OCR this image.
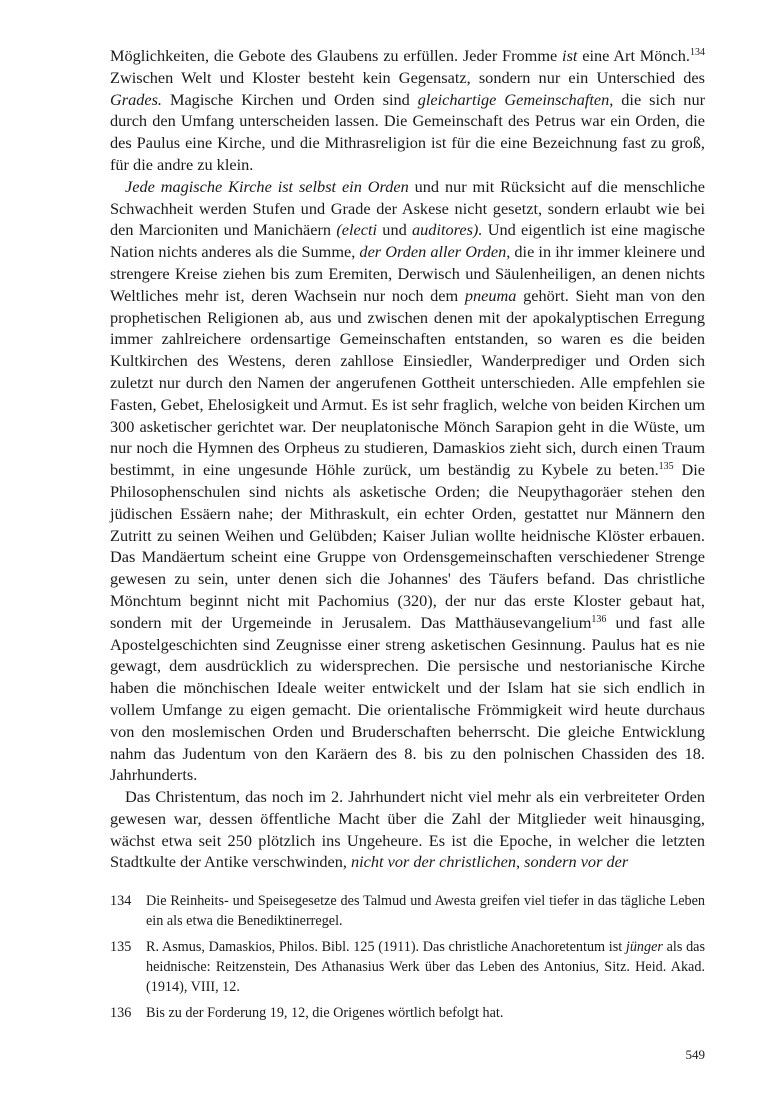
Möglichkeiten, die Gebote des Glaubens zu erfüllen. Jeder Fromme ist eine Art Mönch.$^{134}$ Zwischen Welt und Kloster besteht kein Gegensatz, sondern nur ein Unterschied des Grades. Magische Kirchen und Orden sind gleichartige Gemeinschaften, die sich nur durch den Umfang unterscheiden lassen. Die Gemeinschaft des Petrus war ein Orden, die des Paulus eine Kirche, und die Mithrasreligion ist für die eine Bezeichnung fast zu groß, für die andre zu klein.

Jede magische Kirche ist selbst ein Orden und nur mit Rücksicht auf die menschliche Schwachheit werden Stufen und Grade der Askese nicht gesetzt, sondern erlaubt wie bei den Marcioniten und Manichäern (electi und auditores). Und eigentlich ist eine magische Nation nichts anderes als die Summe, der Orden aller Orden, die in ihr immer kleinere und strengere Kreise ziehen bis zum Eremiten, Derwisch und Säulenheiligen, an denen nichts Weltliches mehr ist, deren Wachsein nur noch dem pneuma gehört. Sieht man von den prophetischen Religionen ab, aus und zwischen denen mit der apokalyptischen Erregung immer zahlreichere ordensartige Gemeinschaften entstanden, so waren es die beiden Kultkirchen des Westens, deren zahllose Einsiedler, Wanderprediger und Orden sich zuletzt nur durch den Namen der angerufenen Gottheit unterschieden. Alle empfehlen sie Fasten, Gebet, Ehelosigkeit und Armut. Es ist sehr fraglich, welche von beiden Kirchen um 300 asketischer gerichtet war. Der neuplatonische Mönch Sarapion geht in die Wüste, um nur noch die Hymnen des Orpheus zu studieren, Damaskios zieht sich, durch einen Traum bestimmt, in eine ungesunde Höhle zurück, um beständig zu Kybele zu beten.$^{135}$ Die Philosophenschulen sind nichts als asketische Orden; die Neupythagoräer stehen den jüdischen Essäern nahe; der Mithraskult, ein echter Orden, gestattet nur Männern den Zutritt zu seinen Weihen und Gelübden; Kaiser Julian wollte heidnische Klöster erbauen. Das Mandäertum scheint eine Gruppe von Ordensgemeinschaften verschiedener Strenge gewesen zu sein, unter denen sich die Johannes' des Täufers befand. Das christliche Mönchtum beginnt nicht mit Pachomius (320), der nur das erste Kloster gebaut hat, sondern mit der Urgemeinde in Jerusalem. Das Matthäusevangelium$^{136}$ und fast alle Apostelgeschichten sind Zeugnisse einer streng asketischen Gesinnung. Paulus hat es nie gewagt, dem ausdrücklich zu widersprechen. Die persische und nestorianische Kirche haben die mönchischen Ideale weiter entwickelt und der Islam hat sie sich endlich in vollem Umfange zu eigen gemacht. Die orientalische Frömmigkeit wird heute durchaus von den moslemischen Orden und Bruderschaften beherrscht. Die gleiche Entwicklung nahm das Judentum von den Karäern des 8. bis zu den polnischen Chassiden des 18. Jahrhunderts.

Das Christentum, das noch im 2. Jahrhundert nicht viel mehr als ein verbreiteter Orden gewesen war, dessen öffentliche Macht über die Zahl der Mitglieder weit hinausging, wächst etwa seit 250 plötzlich ins Ungeheure. Es ist die Epoche, in welcher die letzten Stadtkulte der Antike verschwinden, nicht vor der christlichen, sondern vor der

134 Die Reinheits- und Speisegesetze des Talmud und Awesta greifen viel tiefer in das tägliche Leben ein als etwa die Benediktinerregel.
135 R. Asmus, Damaskios, Philos. Bibl. 125 (1911). Das christliche Anachoretentum ist jünger als das heidnische: Reitzenstein, Des Athanasius Werk über das Leben des Antonius, Sitz. Heid. Akad. (1914), VIII, 12.
136 Bis zu der Forderung 19, 12, die Origenes wörtlich befolgt hat.
549
